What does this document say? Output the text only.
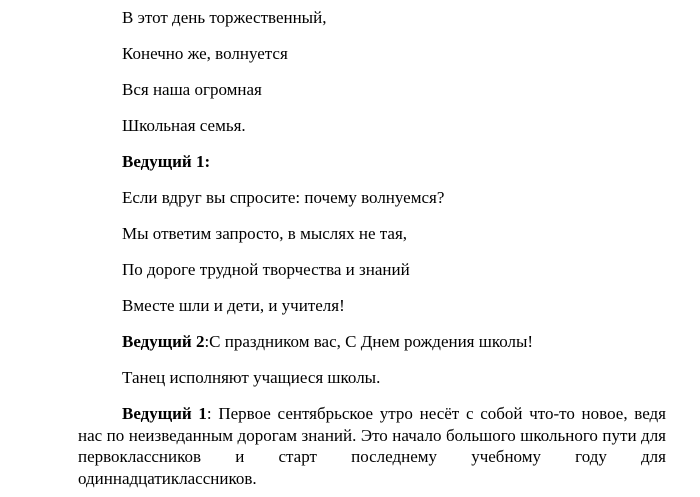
В этот день торжественный,
Конечно же, волнуется
Вся наша огромная
Школьная семья.
Ведущий 1:
Если вдруг вы спросите: почему волнуемся?
Мы ответим запросто, в мыслях не тая,
По дороге трудной творчества и знаний
Вместе шли и дети, и учителя!
Ведущий 2:С праздником вас, С Днем рождения школы!
Танец исполняют учащиеся школы.
Ведущий 1: Первое сентябрьское утро несёт с собой что-то новое, ведя нас по неизведанным дорогам знаний. Это начало большого школьного пути для первоклассников и старт последнему учебному году для одиннадцатиклассников.
